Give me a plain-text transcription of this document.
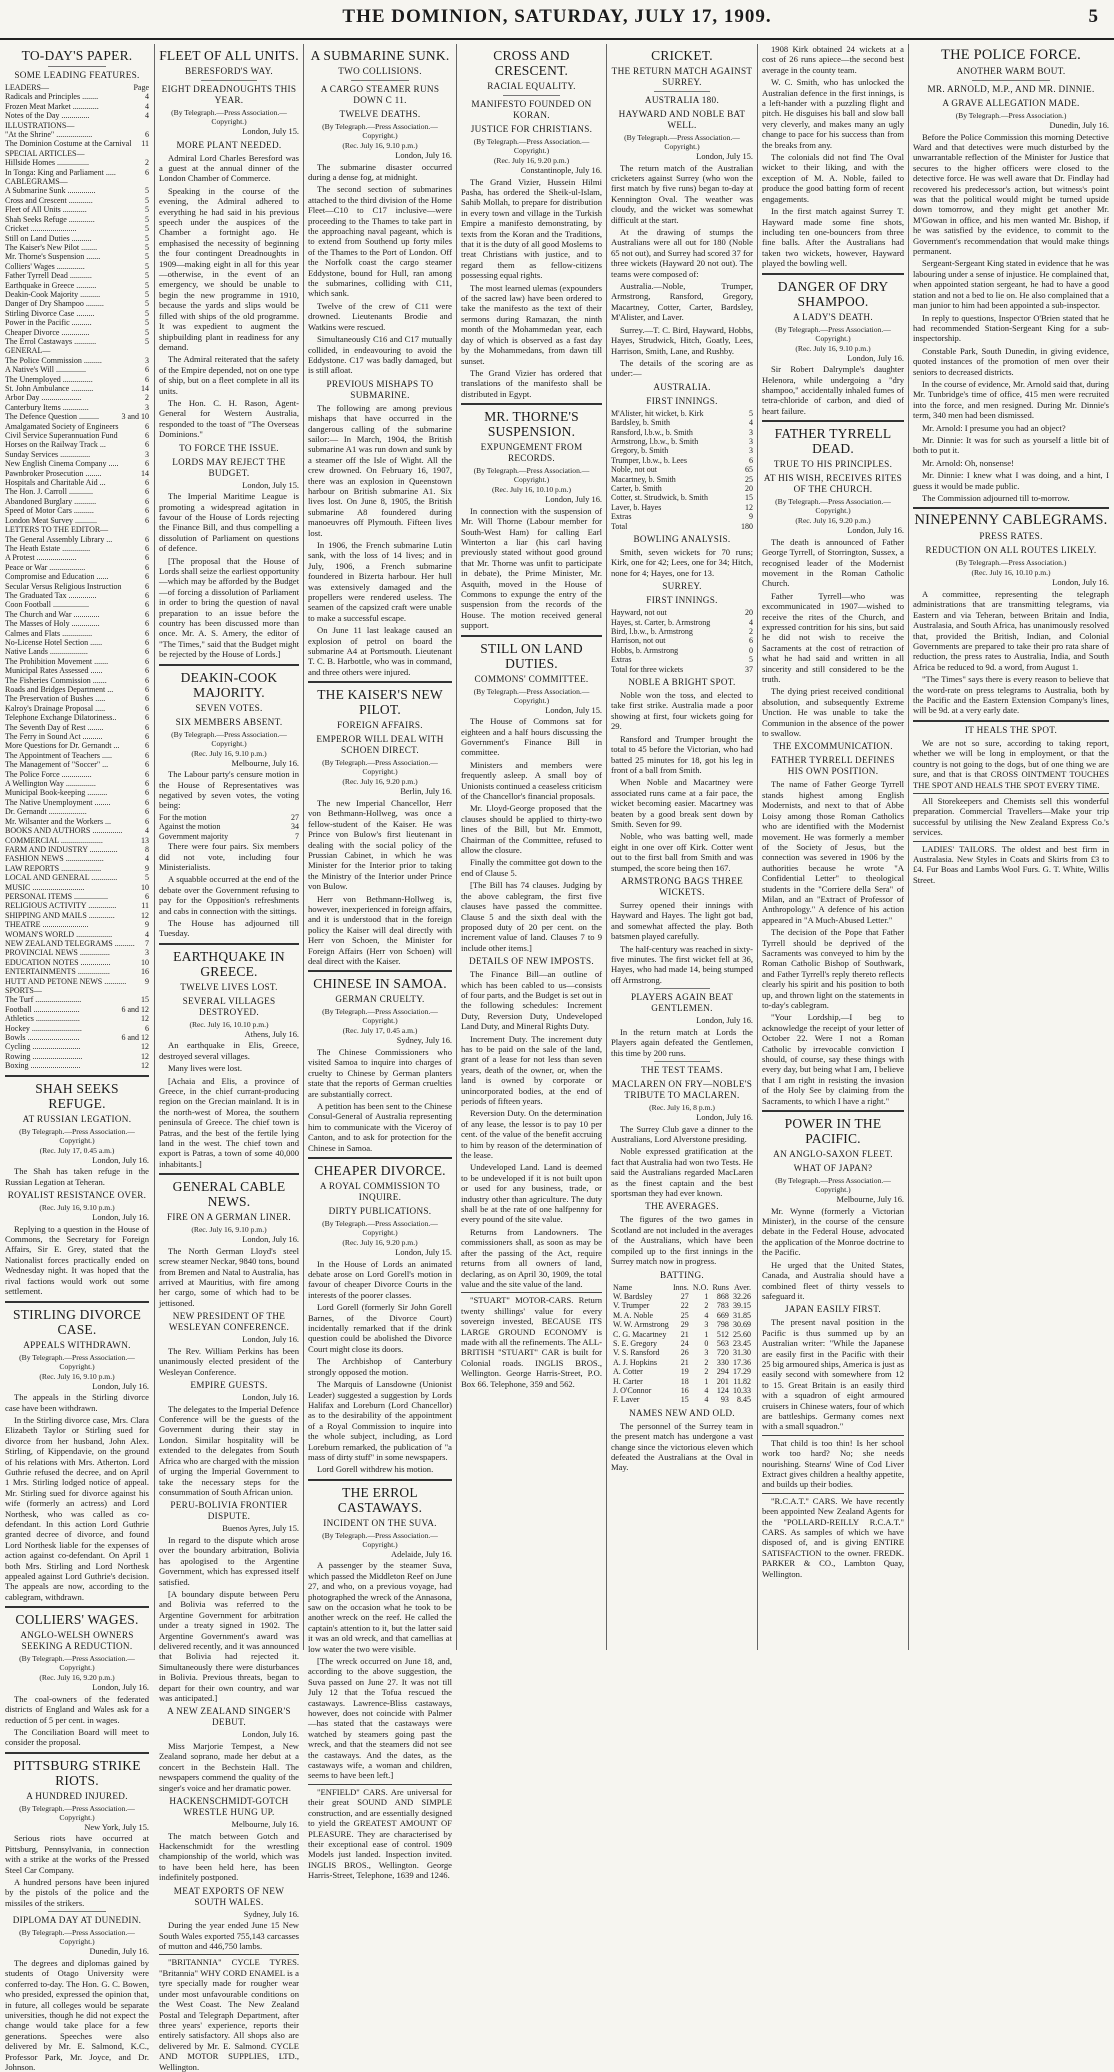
THE DOMINION, SATURDAY, JULY 17, 1909.	5
TO-DAY'S PAPER.
SOME LEADING FEATURES.
LEADERS—	Page
Radicals and Principles ........	4
Frozen Meat Market .............	4
Notes of the Day ..............	4
ILLUSTRATIONS—
"At the Shrine" ..................	6
The Dominion Costume at the Carnival 11
SPECIAL ARTICLES—
Hillside Homes ................	2
In Tonga: King and Parliament .....	6
CABLEGRAMS—
A Submarine Sunk ..............	5
Cross and Crescent ............	5
Fleet of All Units ............	5
Shah Seeks Refuge .............	5
Cricket .......................	5
Still on Land Duties ..........	5
The Kaiser's New Pilot ........	5
Mr. Thorne's Suspension .......	5
Colliers' Wages ..............	5
Father Tyrrell Dead ...........	5
Earthquake in Greece ..........	5
Deakin-Cook Majority ..........	5
Danger of Dry Shampoo .........	5
Stirling Divorce Case .........	5
Power in the Pacific ..........	5
Cheaper Divorce ..............	5
The Errol Castaways ...........	5
GENERAL—
The Police Commission .........	3
A Native's Will ...............	6
The Unemployed ...............	6
St. John Ambulance ...........	14
Arbor Day ....................	2
Canterbury Items .............	3
The Defence Question ..........	3 and 10
Amalgamated Society of Engineers	6
Civil Service Superannuation Fund	6
Horses on the Railway Track ...	6
Sunday Services ...............	3
New English Cinema Company .....	6
Pawnbroker Prosecution ........	14
Hospitals and Charitable Aid ...	6
The Hon. J. Carroll ............	6
Abandoned Burglary ...........	6
Speed of Motor Cars ..........	6
London Meat Survey ...........	6
LETTERS TO THE EDITOR—
The General Assembly Library ...	6
The Heath Estate ..............	6
A Protest ....................	6
Peace or War ..................	6
Compromise and Education ......	6
Secular Versus Religious Instruction	6
The Graduated Tax ..............	6
Coon Football ..................	6
The Church and War .............	6
The Masses of Holy ..............	6
Calmes and Flats ...............	6
No-License Hotel Section ......	6
Native Lands ...................	6
The Prohibition Movement .......	6
Municipal Rates Assessed ......	6
The Fisheries Commission .......	6
Roads and Bridges Department ...	6
The Preservation of Bushes .....	6
Kalroy's Drainage Proposal .....	6
Telephone Exchange Dilatoriness..	6
The Seventh Day of Rest ........	6
The Ferry in Sound Act ..........	6
More Questions for Dr. Gernandt ...	6
The Appointment of Teachers .....	6
The Management of "Soccer" ...	6
The Police Force ...............	6
A Wellington Way ...............	6
Municipal Book-keeping ..........	6
The Native Unemployment ........	6
Dr. Gernandt ...................	6
Mr. Wilsanter and the Workers ...	6
BOOKS AND AUTHORS ...............	4
COMMERCIAL .....................	13
FARM AND INDUSTRY ..............	8
FASHION NEWS ...................	4
LAW REPORTS ....................	9
LOCAL AND GENERAL .............	5
MUSIC ..........................	10
PERSONAL ITEMS .................	6
RELIGIOUS ACTIVITY ..............	11
SHIPPING AND MAILS .............	12
THEATRE .......................	9
WOMAN'S WORLD ..................	4
NEW ZEALAND TELEGRAMS .......... 7
PROVINCIAL NEWS ...............	3
EDUCATION NOTES ...............	10
ENTERTAINMENTS ................	16
HUTT AND PETONE NEWS ........... 9
SPORTS—
The Turf .......................	15
Football .......................	6 and 12
Athletics ......................	12
Hockey .........................	6
Bowls ..........................	6 and 12
Cycling ........................	12
Rowing .........................	12
Boxing .........................	12
SHAH SEEKS REFUGE.
AT RUSSIAN LEGATION.
(By Telegraph.—Press Association.—Copyright.)
(Rec. July 17, 0.45 a.m.)
London, July 16.

The Shah has taken refuge in the Russian Legation at Teheran.

ROYALIST RESISTANCE OVER.
(Rec. July 16, 9.10 p.m.)
London, July 16.

Replying to a question in the House of Commons, the Secretary for Foreign Affairs, Sir E. Grey, stated that the Nationalist forces practically ended on Wednesday night. It was hoped that the rival factions would work out some settlement.

STIRLING DIVORCE CASE.
APPEALS WITHDRAWN.
(By Telegraph.—Press Association.—Copyright.)
(Rec. July 16, 9.10 p.m.)
London, July 16.

The appeals in the Stirling divorce case have been withdrawn.

In the Stirling divorce case, Mrs. Clara Elizabeth Taylor or Stirling sued for divorce from her husband, John Alex. Stirling, of Kippendavie, on the ground of his relations with Mrs. Atherton. Lord Guthrie refused the decree, and on April 1 Mrs. Stirling lodged notice of appeal. Mr. Stirling sued for divorce against his wife (formerly an actress) and Lord Northesk, who was called as co-defendant. In this action Lord Guthrie granted decree of divorce, and found Lord Northesk liable for the expenses of action against co-defendant. On April 1 both Mrs. Stirling and Lord Northesk appealed against Lord Guthrie's decision. The appeals are now, according to the cablegram, withdrawn.

COLLIERS' WAGES.
ANGLO-WELSH OWNERS SEEKING A REDUCTION.
(By Telegraph.—Press Association.—Copyright.)
(Rec. July 16, 9.20 p.m.)
London, July 16.

The coal-owners of the federated districts of England and Wales ask for a reduction of 5 per cent. in wages.

The Conciliation Board will meet to consider the proposal.

PITTSBURG STRIKE RIOTS.
A HUNDRED INJURED.
(By Telegraph.—Press Association.—Copyright.)
New York, July 15.

Serious riots have occurred at Pittsburg, Pennsylvania, in connection with a strike at the works of the Pressed Steel Car Company.

A hundred persons have been injured by the pistols of the police and the missiles of the strikers.

DIPLOMA DAY AT DUNEDIN.
(By Telegraph.—Press Association.—Copyright.)
Dunedin, July 16.

The degrees and diplomas gained by students of Otago University were conferred to-day. The Hon. G. C. Bowen, who presided, expressed the opinion that, in future, all colleges would be separate universities, though he did not expect the change would take place for a few generations. Speeches were also delivered by Mr. E. Salmond, K.C., Professor Park, Mr. Joyce, and Dr. Johnson.

FLEET OF ALL UNITS.
BERESFORD'S WAY.
EIGHT DREADNOUGHTS THIS YEAR.
(By Telegraph.—Press Association.—Copyright.)
London, July 15.
MORE PLANT NEEDED.

Admiral Lord Charles Beresford was a guest at the annual dinner of the London Chamber of Commerce.

Speaking in the course of the evening, the Admiral adhered to everything he had said in his previous speech under the auspices of the Chamber a fortnight ago. He emphasised the necessity of beginning the four contingent Dreadnoughts in 1909—making eight in all for this year—otherwise, in the event of an emergency, we should be unable to begin the new programme in 1910, because the yards and slips would be filled with ships of the old programme. It was expedient to augment the shipbuilding plant in readiness for any demand.

The Admiral reiterated that the safety of the Empire depended, not on one type of ship, but on a fleet complete in all its units.

The Hon. C. H. Rason, Agent-General for Western Australia, responded to the toast of "The Overseas Dominions."

TO FORCE THE ISSUE.
LORDS MAY REJECT THE BUDGET.
London, July 15.

The Imperial Maritime League is promoting a widespread agitation in favour of the House of Lords rejecting the Finance Bill, and thus compelling a dissolution of Parliament on questions of defence.

[The proposal that the House of Lords shall seize the earliest opportunity—which may be afforded by the Budget—of forcing a dissolution of Parliament in order to bring the question of naval preparation to an issue before the country has been discussed more than once. Mr. A. S. Amery, the editor of "The Times," said that the Budget might be rejected by the House of Lords.]

DEAKIN-COOK MAJORITY.
SEVEN VOTES.
SIX MEMBERS ABSENT.
(By Telegraph.—Press Association.—Copyright.)
(Rec. July 16, 9.10 p.m.)
Melbourne, July 16.

The Labour party's censure motion in the House of Representatives was negatived by seven votes, the voting being:

For the motion	27
Against the motion	34
Government majority	7

There were four pairs. Six members did not vote, including four Ministerialists.

A squabble occurred at the end of the debate over the Government refusing to pay for the Opposition's refreshments and cabs in connection with the sittings.

The House has adjourned till Tuesday.

EARTHQUAKE IN GREECE.
TWELVE LIVES LOST.
SEVERAL VILLAGES DESTROYED.
(Rec. July 16, 10.10 p.m.)
Athens, July 16.

An earthquake in Elis, Greece, destroyed several villages.

Many lives were lost.

[Achaia and Elis, a province of Greece, in the chief currant-producing region on the Grecian mainland. It is in the north-west of Morea, the southern peninsula of Greece. The chief town is Patras, and the best of the fertile lying land in the west. The chief town and export is Patras, a town of some 40,000 inhabitants.]

GENERAL CABLE NEWS.
FIRE ON A GERMAN LINER.
(Rec. July 16, 9.10 p.m.)
London, July 16.

The North German Lloyd's steel screw steamer Neckar, 9840 tons, bound from Bremen and Natal to Australia, has arrived at Mauritius, with fire among her cargo, some of which had to be jettisoned.

NEW PRESIDENT OF THE WESLEYAN CONFERENCE.
London, July 16.

The Rev. William Perkins has been unanimously elected president of the Wesleyan Conference.

EMPIRE GUESTS.
London, July 16.

The delegates to the Imperial Defence Conference will be the guests of the Government during their stay in London. Similar hospitality will be extended to the delegates from South Africa who are charged with the mission of urging the Imperial Government to take the necessary steps for the consummation of South African union.

PERU-BOLIVIA FRONTIER DISPUTE.
Buenos Ayres, July 15.

In regard to the dispute which arose over the boundary arbitration, Bolivia has apologised to the Argentine Government, which has expressed itself satisfied.

[A boundary dispute between Peru and Bolivia was referred to the Argentine Government for arbitration under a treaty signed in 1902. The Argentine Government's award was delivered recently, and it was announced that Bolivia had rejected it. Simultaneously there were disturbances in Bolivia. Previous threats, began to depart for their own country, and war was anticipated.]

A NEW ZEALAND SINGER'S DEBUT.
London, July 16.

Miss Marjorie Tempest, a New Zealand soprano, made her debut at a concert in the Bechstein Hall. The newspapers commend the quality of the singer's voice and her dramatic power.

HACKENSCHMIDT-GOTCH WRESTLE HUNG UP.
Melbourne, July 16.

The match between Gotch and Hackenschmidt for the wrestling championship of the world, which was to have been held here, has been indefinitely postponed.

MEAT EXPORTS OF NEW SOUTH WALES.
Sydney, July 16.

During the year ended June 15 New South Wales exported 755,143 carcasses of mutton and 446,750 lambs.

"BRITANNIA" CYCLE TYRES. "Britannia" WHY CORD ENAMEL is a tyre specially made for rougher wear under most unfavourable conditions on the West Coast. The New Zealand Postal and Telegraph Department, after three years' experience, reports their entirely satisfactory. All shops also are delivered by Mr. E. Salmond. CYCLE AND MOTOR SUPPLIES, LTD., Wellington.

A SUBMARINE SUNK.
TWO COLLISIONS.
A CARGO STEAMER RUNS DOWN C 11.
TWELVE DEATHS.
(By Telegraph.—Press Association.—Copyright.)
(Rec. July 16, 9.10 p.m.)
London, July 16.

The submarine disaster occurred during a dense fog, at midnight.

The second section of submarines attached to the third division of the Home Fleet—C10 to C17 inclusive—were proceeding to the Thames to take part in the approaching naval pageant, which is to extend from Southend up forty miles of the Thames to the Port of London. Off the Norfolk coast the cargo steamer Eddystone, bound for Hull, ran among the submarines, colliding with C11, which sank.

Twelve of the crew of C11 were drowned. Lieutenants Brodie and Watkins were rescued.

Simultaneously C16 and C17 mutually collided, in endeavouring to avoid the Eddystone. C17 was badly damaged, but is still afloat.

PREVIOUS MISHAPS TO SUBMARINE.

The following are among previous mishaps that have occurred in the dangerous calling of the submarine sailor:— In March, 1904, the British submarine A1 was run down and sunk by a steamer off the Isle of Wight. All the crew drowned. On February 16, 1907, there was an explosion in Queenstown harbour on British submarine A1. Six lives lost. On June 8, 1905, the British submarine A8 foundered during manoeuvres off Plymouth. Fifteen lives lost.

In 1906, the French submarine Lutin sank, with the loss of 14 lives; and in July, 1906, a French submarine foundered in Bizerta harbour. Her hull was extensively damaged and the propellers were rendered useless. The seamen of the capsized craft were unable to make a successful escape.

On June 11 last leakage caused an explosion of petrol on board the submarine A4 at Portsmouth. Lieutenant T. C. B. Harbottle, who was in command, and three others were injured.

THE KAISER'S NEW PILOT.
FOREIGN AFFAIRS.
EMPEROR WILL DEAL WITH SCHOEN DIRECT.
(By Telegraph.—Press Association.—Copyright.)
(Rec. July 16, 9.20 p.m.)
Berlin, July 16.

The new Imperial Chancellor, Herr von Bethmann-Hollweg, was once a fellow-student of the Kaiser. He was Prince von Bulow's first lieutenant in dealing with the social policy of the Prussian Cabinet, in which he was Minister for the Interior prior to taking the Ministry of the Interior under Prince von Bulow.

Herr von Bethmann-Hollweg is, however, inexperienced in foreign affairs, and it is understood that in the foreign policy the Kaiser will deal directly with Herr von Schoen, the Minister for Foreign Affairs (Herr von Schoen) will deal direct with the Kaiser.

CHINESE IN SAMOA.
GERMAN CRUELTY.
(By Telegraph.—Press Association.—Copyright.)
(Rec. July 17, 0.45 a.m.)
Sydney, July 16.

The Chinese Commissioners who visited Samoa to inquire into charges of cruelty to Chinese by German planters state that the reports of German cruelties are substantially correct.

A petition has been sent to the Chinese Consul-General of Australia representing him to communicate with the Viceroy of Canton, and to ask for protection for the Chinese in Samoa.

CHEAPER DIVORCE.
A ROYAL COMMISSION TO INQUIRE.
DIRTY PUBLICATIONS.
(By Telegraph.—Press Association.—Copyright.)
(Rec. July 16, 9.20 p.m.)
London, July 15.

In the House of Lords an animated debate arose on Lord Gorell's motion in favour of cheaper Divorce Courts in the interests of the poorer classes.

Lord Gorell (formerly Sir John Gorell Barnes, of the Divorce Court) incidentally remarked that if the drink question could be abolished the Divorce Court might close its doors.

The Archbishop of Canterbury strongly opposed the motion.

The Marquis of Lansdowne (Unionist Leader) suggested a suggestion by Lords Halifax and Loreburn (Lord Chancellor) as to the desirability of the appointment of a Royal Commission to inquire into the whole subject, including, as Lord Loreburn remarked, the publication of "a mass of dirty stuff" in some newspapers.

Lord Gorell withdrew his motion.

THE ERROL CASTAWAYS.
INCIDENT ON THE SUVA.
(By Telegraph.—Press Association.—Copyright.)
Adelaide, July 16.

A passenger by the steamer Suva, which passed the Middleton Reef on June 27, and who, on a previous voyage, had photographed the wreck of the Annasona, saw on the occasion what he took to be another wreck on the reef. He called the captain's attention to it, but the latter said it was an old wreck, and that camellias at low water the two were visible.

[The wreck occurred on June 18, and, according to the above suggestion, the Suva passed on June 27. It was not till July 12 that the Tofua rescued the castaways. Lawrence-Bliss castaways, however, does not coincide with Palmer—has stated that the castaways were watched by steamers going past the wreck, and that the steamers did not see the castaways. And the dates, as the castaways wife, a woman and children, seems to have been left.]

"ENFIELD" CARS. Are universal for their great SOUND AND SIMPLE construction, and are essentially designed to yield the GREATEST AMOUNT OF PLEASURE. They are characterised by their exceptional ease of control. 1909 Models just landed. Inspection invited. INGLIS BROS., Wellington. George Harris-Street, Telephone, 1639 and 1246.

CROSS AND CRESCENT.
RACIAL EQUALITY.
MANIFESTO FOUNDED ON KORAN.
JUSTICE FOR CHRISTIANS.
(By Telegraph.—Press Association.—Copyright.)
(Rec. July 16, 9.20 p.m.)
Constantinople, July 16.

The Grand Vizier, Hussein Hilmi Pasha, has ordered the Sheik-ul-Islam, Sahib Mollah, to prepare for distribution in every town and village in the Turkish Empire a manifesto demonstrating, by texts from the Koran and the Traditions, that it is the duty of all good Moslems to treat Christians with justice, and to regard them as fellow-citizens possessing equal rights.

The most learned ulemas (expounders of the sacred law) have been ordered to take the manifesto as the text of their sermons during Ramazan, the ninth month of the Mohammedan year, each day of which is observed as a fast day by the Mohammedans, from dawn till sunset.

The Grand Vizier has ordered that translations of the manifesto shall be distributed in Egypt.

MR. THORNE'S SUSPENSION.
EXPUNGEMENT FROM RECORDS.
(By Telegraph.—Press Association.—Copyright.)
(Rec. July 16, 10.10 p.m.)
London, July 16.

In connection with the suspension of Mr. Will Thorne (Labour member for South-West Ham) for calling Earl Winterton a liar (his carl having previously stated without good ground that Mr. Thorne was unfit to participate in debate), the Prime Minister, Mr. Asquith, moved in the House of Commons to expunge the entry of the suspension from the records of the House. The motion received general support.

STILL ON LAND DUTIES.
COMMONS' COMMITTEE.
(By Telegraph.—Press Association.—Copyright.)
London, July 15.

The House of Commons sat for eighteen and a half hours discussing the Government's Finance Bill in committee.

Ministers and members were frequently asleep. A small boy of Unionists continued a ceaseless criticism of the Chancellor's financial proposals.

Mr. Lloyd-George proposed that the clauses should be applied to thirty-two lines of the Bill, but Mr. Emmott, Chairman of the Committee, refused to allow the closure.

Finally the committee got down to the end of Clause 5.

[The Bill has 74 clauses. Judging by the above cablegram, the first five clauses have passed the committee. Clause 5 and the sixth deal with the proposed duty of 20 per cent. on the increment value of land. Clauses 7 to 9 include other items.]

DETAILS OF NEW IMPOSTS.

The Finance Bill—an outline of which has been cabled to us—consists of four parts, and the Budget is set out in the following schedules: Increment Duty, Reversion Duty, Undeveloped Land Duty, and Mineral Rights Duty.

Increment Duty. The increment duty has to be paid on the sale of the land, grant of a lease for not less than seven years, death of the owner, or, when the land is owned by corporate or unincorporated bodies, at the end of periods of fifteen years.

Reversion Duty. On the determination of any lease, the lessor is to pay 10 per cent. of the value of the benefit accruing to him by reason of the determination of the lease.

Undeveloped Land. Land is deemed to be undeveloped if it is not built upon or used for any business, trade, or industry other than agriculture. The duty shall be at the rate of one halfpenny for every pound of the site value.

Returns from Landowners. The commissioners shall, as soon as may be after the passing of the Act, require returns from all owners of land, declaring, as on April 30, 1909, the total value and the site value of the land.

"STUART" MOTOR-CARS. Return twenty shillings' value for every sovereign invested, BECAUSE ITS LARGE GROUND ECONOMY is made with all the refinements. The ALL-BRITISH "STUART" CAR is built for Colonial roads. INGLIS BROS., Wellington. George Harris-Street, P.O. Box 66. Telephone, 359 and 562.

CRICKET.
THE RETURN MATCH AGAINST SURREY.
AUSTRALIA 180.
HAYWARD AND NOBLE BAT WELL.
(By Telegraph.—Press Association.—Copyright.)
London, July 15.

The return match of the Australian cricketers against Surrey (who won the first match by five runs) began to-day at Kennington Oval. The weather was cloudy, and the wicket was somewhat difficult at the start.

At the drawing of stumps the Australians were all out for 180 (Noble 65 not out), and Surrey had scored 37 for three wickets (Hayward 20 not out). The teams were composed of:

Australia.—Noble, Trumper, Armstrong, Ransford, Gregory, Macartney, Cotter, Carter, Bardsley, M'Alister, and Laver.

Surrey.—T. C. Bird, Hayward, Hobbs, Hayes, Strudwick, Hitch, Goatly, Lees, Harrison, Smith, Lane, and Rushby.

The details of the scoring are as under:—

AUSTRALIA.
FIRST INNINGS.
M'Alister, hit wicket, b. Kirk	5
Bardsley, b. Smith	4
Ransford, l.b.w., b. Smith	3
Armstrong, l.b.w., b. Smith	3
Gregory, b. Smith	3
Trumper, l.b.w., b. Lees	6
Noble, not out	65
Macartney, b. Smith	25
Carter, b. Smith	20
Cotter, st. Strudwick, b. Smith	15
Laver, b. Hayes	12
Extras	9
Total	180
BOWLING ANALYSIS.

Smith, seven wickets for 70 runs; Kirk, one for 42; Lees, one for 34; Hitch, none for 4; Hayes, one for 13.

SURREY.
FIRST INNINGS.
Hayward, not out	20
Hayes, st. Carter, b. Armstrong	4
Bird, l.b.w., b. Armstrong	2
Harrison, not out	6
Hobbs, b. Armstrong	0
Extras	5
Total for three wickets	37
NOBLE A BRIGHT SPOT.

Noble won the toss, and elected to take first strike. Australia made a poor showing at first, four wickets going for 29.

Ransford and Trumper brought the total to 45 before the Victorian, who had batted 25 minutes for 18, got his leg in front of a ball from Smith.

When Noble and Macartney were associated runs came at a fair pace, the wicket becoming easier. Macartney was beaten by a good break sent down by Smith. Seven for 99.

Noble, who was batting well, made eight in one over off Kirk. Cotter went out to the first ball from Smith and was stumped, the score being then 167.

ARMSTRONG BAGS THREE WICKETS.

Surrey opened their innings with Hayward and Hayes. The light got bad, and somewhat affected the play. Both batsmen played carefully.

The half-century was reached in sixty-five minutes. The first wicket fell at 36, Hayes, who had made 14, being stumped off Armstrong.

PLAYERS AGAIN BEAT GENTLEMEN.
London, July 16.

In the return match at Lords the Players again defeated the Gentlemen, this time by 200 runs.

THE TEST TEAMS.
MACLAREN ON FRY—NOBLE'S TRIBUTE TO MACLAREN.
(Rec. July 16, 8 p.m.)
London, July 16.

The Surrey Club gave a dinner to the Australians, Lord Alverstone presiding.

Noble expressed gratification at the fact that Australia had won two Tests. He said the Australians regarded MacLaren as the finest captain and the best sportsman they had ever known.

THE AVERAGES.

The figures of the two games in Scotland are not included in the averages of the Australians, which have been compiled up to the first innings in the Surrey match now in progress.

BATTING.
Name	Inns.	N.O.	Runs	Aver.
W. Bardsley	27	1	868	32.26
V. Trumper	22	2	783	39.15
M. A. Noble	25	4	669	31.85
W. W. Armstrong	29	3	798	30.69
C. G. Macartney	21	1	512	25.60
S. E. Gregory	24	0	563	23.45
V. S. Ransford	26	3	720	31.30
A. J. Hopkins	21	2	330	17.36
A. Cotter	19	2	294	17.29
H. Carter	18	1	201	11.82
J. O'Connor	16	4	124	10.33
F. Laver	15	4	93	8.45
NAMES NEW AND OLD.

The personnel of the Surrey team in the present match has undergone a vast change since the victorious eleven which defeated the Australians at the Oval in May.

1908 Kirk obtained 24 wickets at a cost of 26 runs apiece—the second best average in the county team.

W. C. Smith, who has unlocked the Australian defence in the first innings, is a left-hander with a puzzling flight and pitch. He disguises his ball and slow ball very cleverly, and makes many an ugly change to pace for his success than from the breaks from any.

The colonials did not find The Oval wicket to their liking, and with the exception of M. A. Noble, failed to produce the good batting form of recent engagements.

In the first match against Surrey T. Hayward made some fine shots, including ten one-bouncers from three fine balls. After the Australians had taken two wickets, however, Hayward played the bowling well.

DANGER OF DRY SHAMPOO.
A LADY'S DEATH.
(By Telegraph.—Press Association.—Copyright.)
(Rec. July 16, 9.10 p.m.)
London, July 16.

Sir Robert Dalrymple's daughter Helenora, while undergoing a "dry shampoo," accidentally inhaled fumes of tetra-chloride of carbon, and died of heart failure.

FATHER TYRRELL DEAD.
TRUE TO HIS PRINCIPLES.
AT HIS WISH, RECEIVES RITES OF THE CHURCH.
(By Telegraph.—Press Association.—Copyright.)
(Rec. July 16, 9.20 p.m.)
London, July 16.

The death is announced of Father George Tyrrell, of Storrington, Sussex, a recognised leader of the Modernist movement in the Roman Catholic Church.

Father Tyrrell—who was excommunicated in 1907—wished to receive the rites of the Church, and expressed contrition for his sins, but said he did not wish to receive the Sacraments at the cost of retraction of what he had said and written in all sincerity and still considered to be the truth.

The dying priest received conditional absolution, and subsequently Extreme Unction. He was unable to take the Communion in the absence of the power to swallow.

THE EXCOMMUNICATION.
FATHER TYRRELL DEFINES HIS OWN POSITION.

The name of Father George Tyrrell stands highest among English Modernists, and next to that of Abbe Loisy among those Roman Catholics who are identified with the Modernist movement. He was formerly a member of the Society of Jesus, but the connection was severed in 1906 by the authorities because he wrote "A Confidential Letter" to theological students in the "Corriere della Sera" of Milan, and an "Extract of Professor of Anthropology." A defence of his action appeared in "A Much-Abused Letter."

The decision of the Pope that Father Tyrrell should be deprived of the Sacraments was conveyed to him by the Roman Catholic Bishop of Southwark, and Father Tyrrell's reply thereto reflects clearly his spirit and his position to both up, and thrown light on the statements in to-day's cablegram.

"Your Lordship,—I beg to acknowledge the receipt of your letter of October 22. Were I not a Roman Catholic by irrevocable conviction I should, of course, say these things with every day, but being what I am, I believe that I am right in resisting the invasion of the Holy See by claiming from the Sacraments, to which I have a right."

POWER IN THE PACIFIC.
AN ANGLO-SAXON FLEET.
WHAT OF JAPAN?
(By Telegraph.—Press Association.—Copyright.)
Melbourne, July 16.

Mr. Wynne (formerly a Victorian Minister), in the course of the censure debate in the Federal House, advocated the application of the Monroe doctrine to the Pacific.

He urged that the United States, Canada, and Australia should have a combined fleet of thirty vessels to safeguard it.

JAPAN EASILY FIRST.

The present naval position in the Pacific is thus summed up by an Australian writer: "While the Japanese are easily first in the Pacific with their 25 big armoured ships, America is just as easily second with somewhere from 12 to 15. Great Britain is an easily third with a squadron of eight armoured cruisers in Chinese waters, four of which are battleships. Germany comes next with a small squadron."

That child is too thin! Is her school work too hard? No; she needs nourishing. Stearns' Wine of Cod Liver Extract gives children a healthy appetite, and builds up their bodies.

"R.C.A.T." CARS. We have recently been appointed New Zealand Agents for the "POLLARD-REILLY R.C.A.T." CARS. As samples of which we have disposed of, and is giving ENTIRE SATISFACTION to the owner. FREDK. PARKER & CO., Lambton Quay, Wellington.

THE POLICE FORCE.
ANOTHER WARM BOUT.
MR. ARNOLD, M.P., AND MR. DINNIE.
A GRAVE ALLEGATION MADE.
(By Telegraph.—Press Association.)
Dunedin, July 16.

Before the Police Commission this morning Detective Ward and that detectives were much disturbed by the unwarrantable reflection of the Minister for Justice that secures to the higher officers were closed to the detective force. He was well aware that Dr. Findlay had recovered his predecessor's action, but witness's point was that the political would might be turned upside down tomorrow, and they might get another Mr. M'Gowan in office, and his men wanted Mr. Bishop, if he was satisfied by the evidence, to commit to the Government's recommendation that would make things permanent.

Sergeant-Sergeant King stated in evidence that he was labouring under a sense of injustice. He complained that, when appointed station sergeant, he had to have a good station and not a bed to lie on. He also complained that a man junior to him had been appointed a sub-inspector.

In reply to questions, Inspector O'Brien stated that he had recommended Station-Sergeant King for a sub-inspectorship.

Constable Park, South Dunedin, in giving evidence, quoted instances of the promotion of men over their seniors to decreased districts.

In the course of evidence, Mr. Arnold said that, during Mr. Tunbridge's time of office, 415 men were recruited into the force, and men resigned. During Mr. Dinnie's term, 340 men had been dismissed.

Mr. Arnold: I presume you had an object?

Mr. Dinnie: It was for such as yourself a little bit of both to put it.

Mr. Arnold: Oh, nonsense!

Mr. Dinnie: I knew what I was doing, and a hint, I guess it would be made public.

The Commission adjourned till to-morrow.

NINEPENNY CABLEGRAMS.
PRESS RATES.
REDUCTION ON ALL ROUTES LIKELY.
(By Telegraph.—Press Association.)
(Rec. July 16, 10.10 p.m.)
London, July 16.

A committee, representing the telegraph administrations that are transmitting telegrams, via Eastern and via Teheran, between Britain and India, Australasia, and South Africa, has unanimously resolved that, provided the British, Indian, and Colonial Governments are prepared to take their pro rata share of reduction, the press rates to Australia, India, and South Africa be reduced to 9d. a word, from August 1.

"The Times" says there is every reason to believe that the word-rate on press telegrams to Australia, both by the Pacific and the Eastern Extension Company's lines, will be 9d. at a very early date.

IT HEALS THE SPOT.

We are not so sure, according to taking report, whether we will be long in employment, or that the country is not going to the dogs, but of one thing we are sure, and that is that CROSS OINTMENT TOUCHES THE SPOT AND HEALS THE SPOT EVERY TIME.

All Storekeepers and Chemists sell this wonderful preparation. Commercial Travellers—Make your trip successful by utilising the New Zealand Express Co.'s services.

LADIES' TAILORS. The oldest and best firm in Australasia. New Styles in Coats and Skirts from £3 to £4. Fur Boas and Lambs Wool Furs. G. T. White, Willis Street.
